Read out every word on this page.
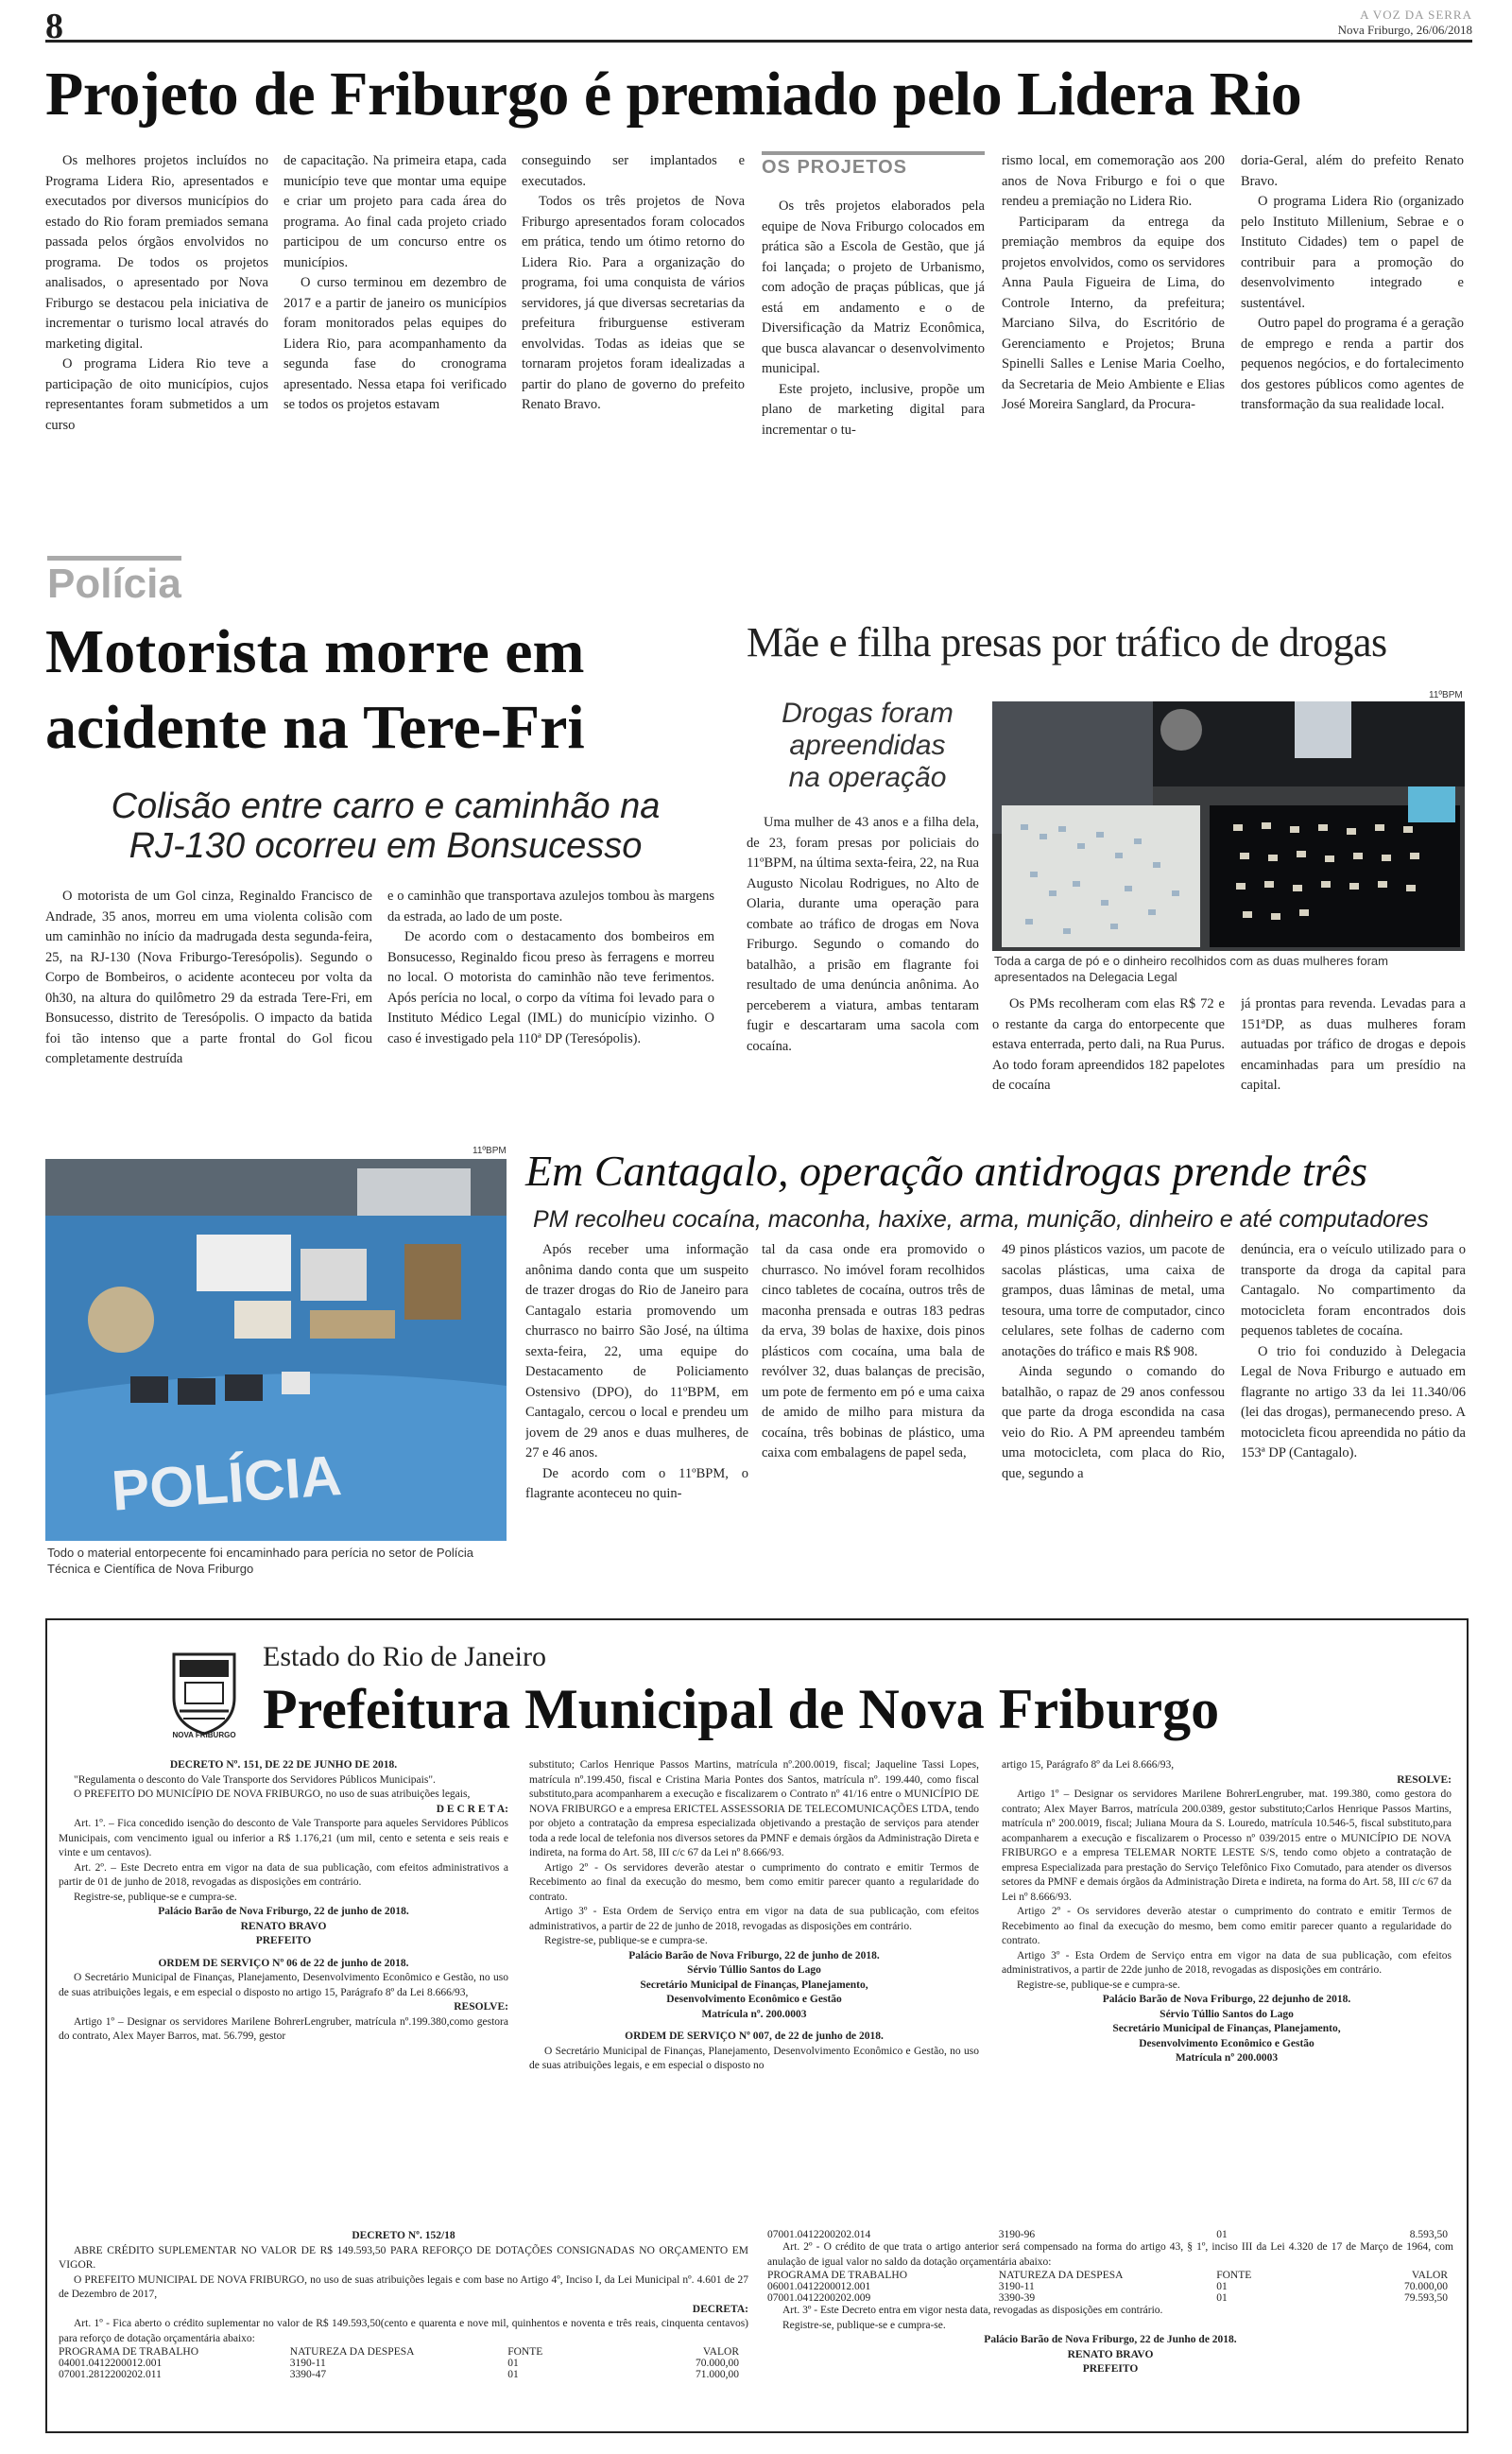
8	A VOZ DA SERRA
Nova Friburgo, 26/06/2018
Projeto de Friburgo é premiado pelo Lidera Rio

Os melhores projetos incluídos no Programa Lidera Rio, apresentados e executados por diversos municípios do estado do Rio foram premiados semana passada pelos órgãos envolvidos no programa. De todos os projetos analisados, o apresentado por Nova Friburgo se destacou pela iniciativa de incrementar o turismo local através do marketing digital.

O programa Lidera Rio teve a participação de oito municípios, cujos representantes foram submetidos a um curso

de capacitação. Na primeira etapa, cada município teve que montar uma equipe e criar um projeto para cada área do programa. Ao final cada projeto criado participou de um concurso entre os municípios.

O curso terminou em dezembro de 2017 e a partir de janeiro os municípios foram monitorados pelas equipes do Lidera Rio, para acompanhamento da segunda fase do cronograma apresentado. Nessa etapa foi verificado se todos os projetos estavam

conseguindo ser implantados e executados.

Todos os três projetos de Nova Friburgo apresentados foram colocados em prática, tendo um ótimo retorno do Lidera Rio. Para a organização do programa, foi uma conquista de vários servidores, já que diversas secretarias da prefeitura friburguense estiveram envolvidas. Todas as ideias que se tornaram projetos foram idealizadas a partir do plano de governo do prefeito Renato Bravo.

OS PROJETOS

Os três projetos elaborados pela equipe de Nova Friburgo colocados em prática são a Escola de Gestão, que já foi lançada; o projeto de Urbanismo, com adoção de praças públicas, que já está em andamento e o de Diversificação da Matriz Econômica, que busca alavancar o desenvolvimento municipal.

Este projeto, inclusive, propõe um plano de marketing digital para incrementar o tu-

rismo local, em comemoração aos 200 anos de Nova Friburgo e foi o que rendeu a premiação no Lidera Rio.

Participaram da entrega da premiação membros da equipe dos projetos envolvidos, como os servidores Anna Paula Figueira de Lima, do Controle Interno, da prefeitura; Marciano Silva, do Escritório de Gerenciamento e Projetos; Bruna Spinelli Salles e Lenise Maria Coelho, da Secretaria de Meio Ambiente e Elias José Moreira Sanglard, da Procura-

doria-Geral, além do prefeito Renato Bravo.

O programa Lidera Rio (organizado pelo Instituto Millenium, Sebrae e o Instituto Cidades) tem o papel de contribuir para a promoção do desenvolvimento integrado e sustentável.

Outro papel do programa é a geração de emprego e renda a partir dos pequenos negócios, e do fortalecimento dos gestores públicos como agentes de transformação da sua realidade local.

Polícia
Motorista morre em
acidente na Tere-Fri
Colisão entre carro e caminhão na
RJ-130 ocorreu em Bonsucesso

O motorista de um Gol cinza, Reginaldo Francisco de Andrade, 35 anos, morreu em uma violenta colisão com um caminhão no início da madrugada desta segunda-feira, 25, na RJ-130 (Nova Friburgo-Teresópolis). Segundo o Corpo de Bombeiros, o acidente aconteceu por volta da 0h30, na altura do quilômetro 29 da estrada Tere-Fri, em Bonsucesso, distrito de Teresópolis. O impacto da batida foi tão intenso que a parte frontal do Gol ficou completamente destruída

e o caminhão que transportava azulejos tombou às margens da estrada, ao lado de um poste.

De acordo com o destacamento dos bombeiros em Bonsucesso, Reginaldo ficou preso às ferragens e morreu no local. O motorista do caminhão não teve ferimentos. Após perícia no local, o corpo da vítima foi levado para o Instituto Médico Legal (IML) do município vizinho. O caso é investigado pela 110ª DP (Teresópolis).

Mãe e filha presas por tráfico de drogas
11ºBPM
Drogas foram
apreendidas
na operação

Uma mulher de 43 anos e a filha dela, de 23, foram presas por policiais do 11ºBPM, na última sexta-feira, 22, na Rua Augusto Nicolau Rodrigues, no Alto de Olaria, durante uma operação para combate ao tráfico de drogas em Nova Friburgo. Segundo o comando do batalhão, a prisão em flagrante foi resultado de uma denúncia anônima. Ao perceberem a viatura, ambas tentaram fugir e descartaram uma sacola com cocaína.

Toda a carga de pó e o dinheiro recolhidos com as duas mulheres foram apresentados na Delegacia Legal

Os PMs recolheram com elas R$ 72 e o restante da carga do entorpecente que estava enterrada, perto dali, na Rua Purus. Ao todo foram apreendidos 182 papelotes de cocaína

já prontas para revenda. Levadas para a 151ªDP, as duas mulheres foram autuadas por tráfico de drogas e depois encaminhadas para um presídio na capital.

11ºBPM
POLÍCIA
Todo o material entorpecente foi encaminhado para perícia no setor de Polícia Técnica e Científica de Nova Friburgo
Em Cantagalo, operação antidrogas prende três
PM recolheu cocaína, maconha, haxixe, arma, munição, dinheiro e até computadores

Após receber uma informação anônima dando conta que um suspeito de trazer drogas do Rio de Janeiro para Cantagalo estaria promovendo um churrasco no bairro São José, na última sexta-feira, 22, uma equipe do Destacamento de Policiamento Ostensivo (DPO), do 11ºBPM, em Cantagalo, cercou o local e prendeu um jovem de 29 anos e duas mulheres, de 27 e 46 anos.

De acordo com o 11ºBPM, o flagrante aconteceu no quin-

tal da casa onde era promovido o churrasco. No imóvel foram recolhidos cinco tabletes de cocaína, outros três de maconha prensada e outras 183 pedras da erva, 39 bolas de haxixe, dois pinos plásticos com cocaína, uma bala de revólver 32, duas balanças de precisão, um pote de fermento em pó e uma caixa de amido de milho para mistura da cocaína, três bobinas de plástico, uma caixa com embalagens de papel seda,

49 pinos plásticos vazios, um pacote de sacolas plásticas, uma caixa de grampos, duas lâminas de metal, uma tesoura, uma torre de computador, cinco celulares, sete folhas de caderno com anotações do tráfico e mais R$ 908.

Ainda segundo o comando do batalhão, o rapaz de 29 anos confessou que parte da droga escondida na casa veio do Rio. A PM apreendeu também uma motocicleta, com placa do Rio, que, segundo a

denúncia, era o veículo utilizado para o transporte da droga da capital para Cantagalo. No compartimento da motocicleta foram encontrados dois pequenos tabletes de cocaína.

O trio foi conduzido à Delegacia Legal de Nova Friburgo e autuado em flagrante no artigo 33 da lei 11.340/06 (lei das drogas), permanecendo preso. A motocicleta ficou apreendida no pátio da 153ª DP (Cantagalo).

NOVA FRIBURGO
Estado do Rio de Janeiro
Prefeitura Municipal de Nova Friburgo

DECRETO Nº. 151, DE 22 DE JUNHO DE 2018.

"Regulamenta o desconto do Vale Transporte dos Servidores Públicos Municipais".

O PREFEITO DO MUNICÍPIO DE NOVA FRIBURGO, no uso de suas atribuições legais,

D E C R E T A:

Art. 1º. – Fica concedido isenção do desconto de Vale Transporte para aqueles Servidores Públicos Municipais, com vencimento igual ou inferior a R$ 1.176,21 (um mil, cento e setenta e seis reais e vinte e um centavos).

Art. 2º. – Este Decreto entra em vigor na data de sua publicação, com efeitos administrativos a partir de 01 de junho de 2018, revogadas as disposições em contrário.

Registre-se, publique-se e cumpra-se.

Palácio Barão de Nova Friburgo, 22 de junho de 2018.

RENATO BRAVO

PREFEITO

ORDEM DE SERVIÇO Nº 06 de 22 de junho de 2018.

O Secretário Municipal de Finanças, Planejamento, Desenvolvimento Econômico e Gestão, no uso de suas atribuições legais, e em especial o disposto no artigo 15, Parágrafo 8º da Lei 8.666/93,

RESOLVE:

Artigo 1º – Designar os servidores Marilene BohrerLengruber, matrícula nº.199.380,como gestora do contrato, Alex Mayer Barros, mat. 56.799, gestor

substituto; Carlos Henrique Passos Martins, matrícula nº.200.0019, fiscal; Jaqueline Tassi Lopes, matrícula nº.199.450, fiscal e Cristina Maria Pontes dos Santos, matrícula nº. 199.440, como fiscal substituto,para acompanharem a execução e fiscalizarem o Contrato nº 41/16 entre o MUNICÍPIO DE NOVA FRIBURGO e a empresa ERICTEL ASSESSORIA DE TELECOMUNICAÇÕES LTDA, tendo por objeto a contratação da empresa especializada objetivando a prestação de serviços para atender toda a rede local de telefonia nos diversos setores da PMNF e demais órgãos da Administração Direta e indireta, na forma do Art. 58, III c/c 67 da Lei nº 8.666/93.

Artigo 2º - Os servidores deverão atestar o cumprimento do contrato e emitir Termos de Recebimento ao final da execução do mesmo, bem como emitir parecer quanto a regularidade do contrato.

Artigo 3º - Esta Ordem de Serviço entra em vigor na data de sua publicação, com efeitos administrativos, a partir de 22 de junho de 2018, revogadas as disposições em contrário.

Registre-se, publique-se e cumpra-se.

Palácio Barão de Nova Friburgo, 22 de junho de 2018.

Sérvio Túllio Santos do Lago

Secretário Municipal de Finanças, Planejamento,

Desenvolvimento Econômico e Gestão

Matrícula nº. 200.0003

ORDEM DE SERVIÇO Nº 007, de 22 de junho de 2018.

O Secretário Municipal de Finanças, Planejamento, Desenvolvimento Econômico e Gestão, no uso de suas atribuições legais, e em especial o disposto no

artigo 15, Parágrafo 8º da Lei 8.666/93,

RESOLVE:

Artigo 1º – Designar os servidores Marilene BohrerLengruber, mat. 199.380, como gestora do contrato; Alex Mayer Barros, matrícula 200.0389, gestor substituto;Carlos Henrique Passos Martins, matrícula nº 200.0019, fiscal; Juliana Moura da S. Louredo, matrícula 10.546-5, fiscal substituto,para acompanharem a execução e fiscalizarem o Processo nº 039/2015 entre o MUNICÍPIO DE NOVA FRIBURGO e a empresa TELEMAR NORTE LESTE S/S, tendo como objeto a contratação de empresa Especializada para prestação do Serviço Telefônico Fixo Comutado, para atender os diversos setores da PMNF e demais órgãos da Administração Direta e indireta, na forma do Art. 58, III c/c 67 da Lei nº 8.666/93.

Artigo 2º - Os servidores deverão atestar o cumprimento do contrato e emitir Termos de Recebimento ao final da execução do mesmo, bem como emitir parecer quanto a regularidade do contrato.

Artigo 3º - Esta Ordem de Serviço entra em vigor na data de sua publicação, com efeitos administrativos, a partir de 22de junho de 2018, revogadas as disposições em contrário.

Registre-se, publique-se e cumpra-se.

Palácio Barão de Nova Friburgo, 22 dejunho de 2018.

Sérvio Túllio Santos do Lago

Secretário Municipal de Finanças, Planejamento,

Desenvolvimento Econômico e Gestão

Matrícula nº 200.0003

DECRETO Nº. 152/18

ABRE CRÉDITO SUPLEMENTAR NO VALOR DE R$ 149.593,50 PARA REFORÇO DE DOTAÇÕES CONSIGNADAS NO ORÇAMENTO EM VIGOR.

O PREFEITO MUNICIPAL DE NOVA FRIBURGO, no uso de suas atribuições legais e com base no Artigo 4º, Inciso I, da Lei Municipal nº. 4.601 de 27 de Dezembro de 2017,

DECRETA:

Art. 1º - Fica aberto o crédito suplementar no valor de R$ 149.593,50(cento e quarenta e nove mil, quinhentos e noventa e três reais, cinquenta centavos) para reforço de dotação orçamentária abaixo:

PROGRAMA DE TRABALHO	NATUREZA DA DESPESA	FONTE	VALOR
04001.0412200012.001	3190-11	01	70.000,00
07001.2812200202.011	3390-47	01	71.000,00
07001.0412200202.014	3190-96	01	8.593,50

Art. 2º - O crédito de que trata o artigo anterior será compensado na forma do artigo 43, § 1º, inciso III da Lei 4.320 de 17 de Março de 1964, com anulação de igual valor no saldo da dotação orçamentária abaixo:

PROGRAMA DE TRABALHO	NATUREZA DA DESPESA	FONTE	VALOR
06001.0412200012.001	3190-11	01	70.000,00
07001.0412200202.009	3390-39	01	79.593,50

Art. 3º - Este Decreto entra em vigor nesta data, revogadas as disposições em contrário.

Registre-se, publique-se e cumpra-se.

Palácio Barão de Nova Friburgo, 22 de Junho de 2018.

RENATO BRAVO

PREFEITO
